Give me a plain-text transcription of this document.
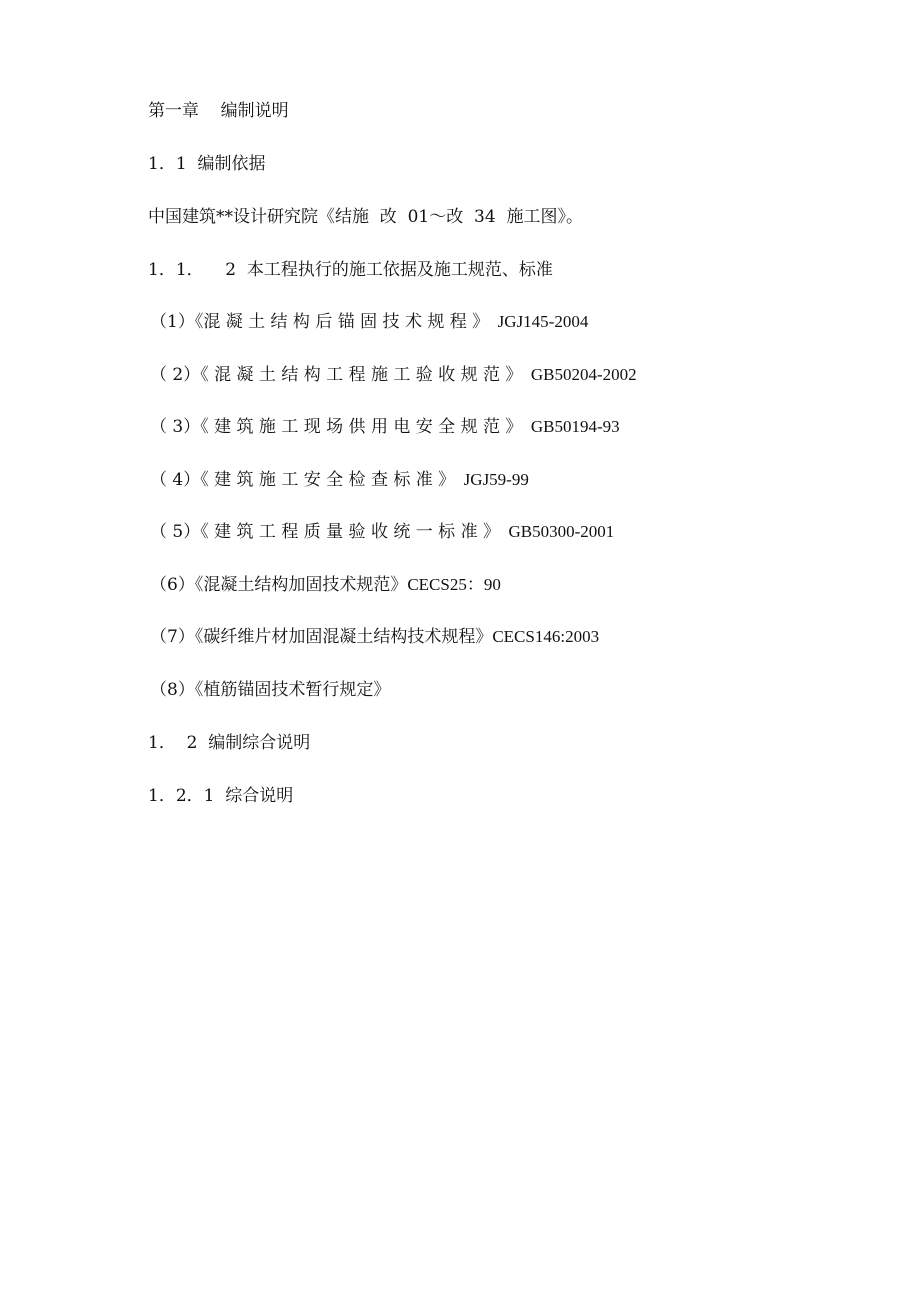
第一章    编制说明
1．1  编制依据
中国建筑**设计研究院《结施  改  01～改  34  施工图》。
1．1．    2  本工程执行的施工依据及施工规范、标准
（1）《混 凝 土 结 构 后 锚 固 技 术 规 程 》  JGJ145-2004
（ 2）《 混 凝 土 结 构 工 程 施 工 验 收 规 范 》  GB50204-2002
（ 3）《 建 筑 施 工 现 场 供 用 电 安 全 规 范 》  GB50194-93
（ 4）《 建 筑 施 工 安 全 检 查 标 准 》  JGJ59-99
（ 5）《 建 筑 工 程 质 量 验 收 统 一 标 准 》  GB50300-2001
（6）《混凝土结构加固技术规范》CECS25：90
（7）《碳纤维片材加固混凝土结构技术规程》CECS146:2003
（8）《植筋锚固技术暂行规定》
1．  2  编制综合说明
1．2．1  综合说明
